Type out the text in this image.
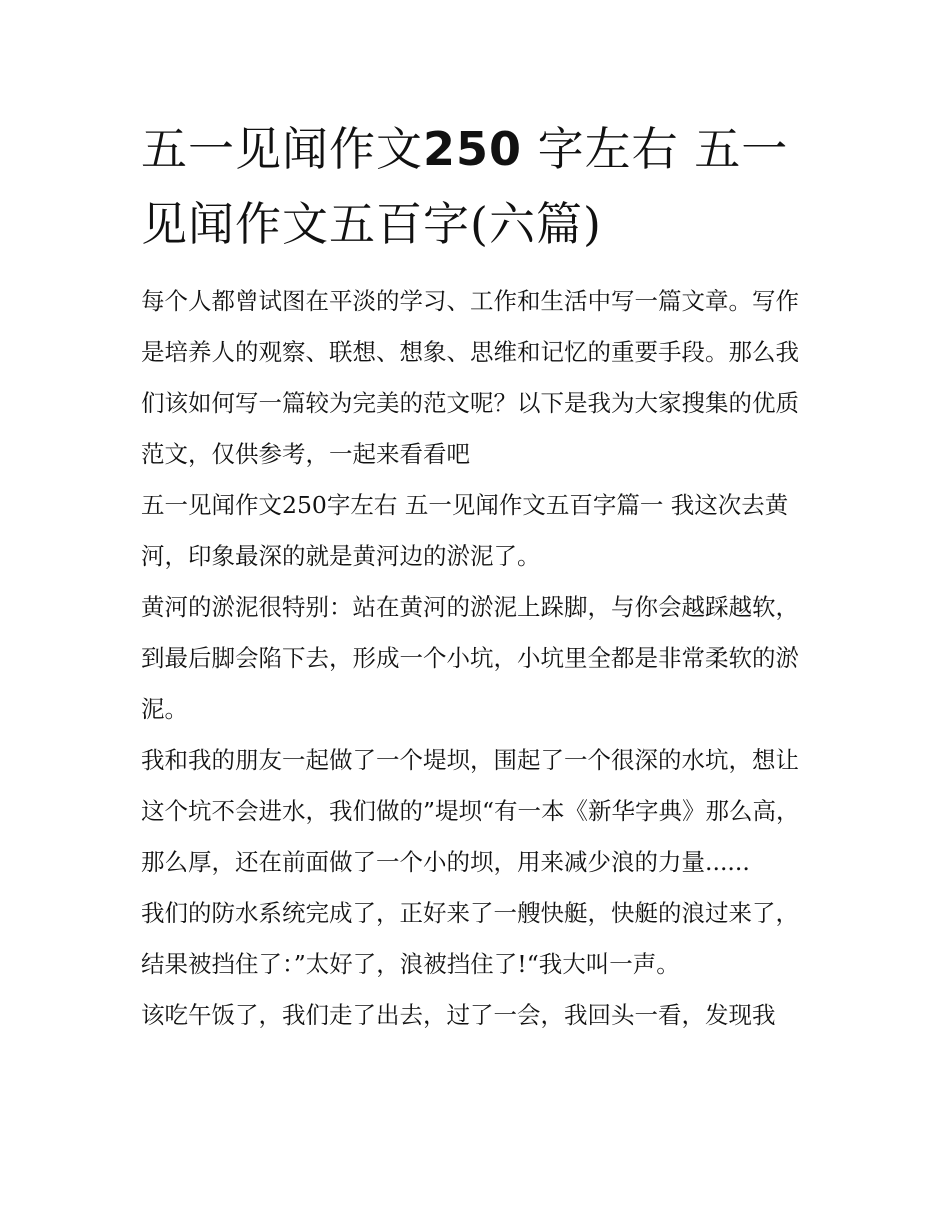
五一见闻作文250 字左右 五一见闻作文五百字(六篇)

每个人都曾试图在平淡的学习、工作和生活中写一篇文章。写作是培养人的观察、联想、想象、思维和记忆的重要手段。那么我们该如何写一篇较为完美的范文呢？以下是我为大家搜集的优质范文，仅供参考，一起来看看吧

五一见闻作文250字左右 五一见闻作文五百字篇一 我这次去黄河，印象最深的就是黄河边的淤泥了。

黄河的淤泥很特别：站在黄河的淤泥上跺脚，与你会越踩越软，到最后脚会陷下去，形成一个小坑，小坑里全都是非常柔软的淤泥。

我和我的朋友一起做了一个堤坝，围起了一个很深的水坑，想让这个坑不会进水，我们做的”堤坝“有一本《新华字典》那么高，那么厚，还在前面做了一个小的坝，用来减少浪的力量......

我们的防水系统完成了，正好来了一艘快艇，快艇的浪过来了，结果被挡住了：”太好了，浪被挡住了!“我大叫一声。

该吃午饭了，我们走了出去，过了一会，我回头一看，发现我
